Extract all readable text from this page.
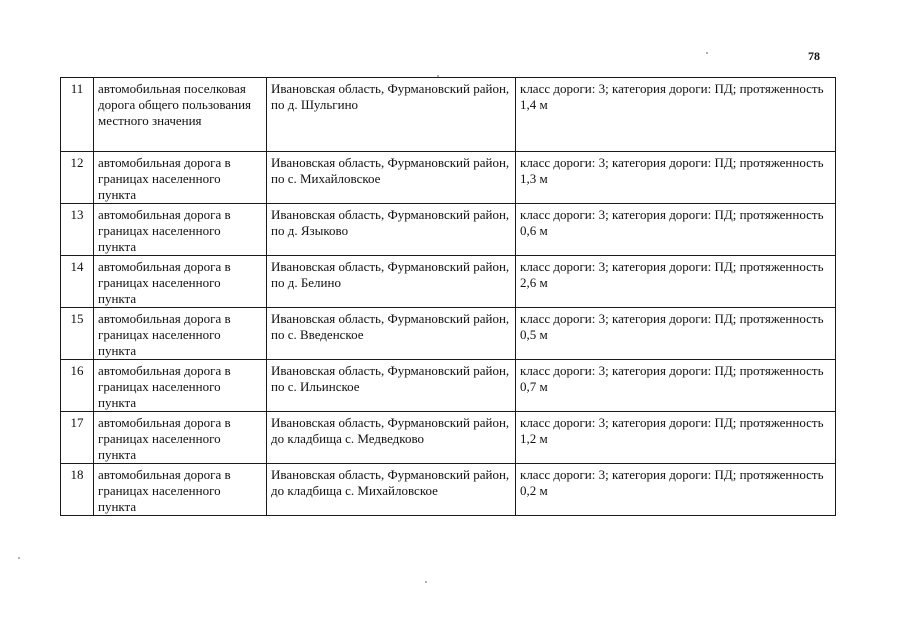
78
11	автомобильная поселковая дорога общего пользования местного значения	Ивановская область, Фурмановский район, по д. Шульгино	класс дороги: 3; категория дороги: ПД; протяженность 1,4 м
12	автомобильная дорога в границах населенного пункта	Ивановская область, Фурмановский район, по с. Михайловское	класс дороги: 3; категория дороги: ПД; протяженность 1,3 м
13	автомобильная дорога в границах населенного пункта	Ивановская область, Фурмановский район, по д. Языково	класс дороги: 3; категория дороги: ПД; протяженность 0,6 м
14	автомобильная дорога в границах населенного пункта	Ивановская область, Фурмановский район, по д. Белино	класс дороги: 3; категория дороги: ПД; протяженность 2,6 м
15	автомобильная дорога в границах населенного пункта	Ивановская область, Фурмановский район, по с. Введенское	класс дороги: 3; категория дороги: ПД; протяженность 0,5 м
16	автомобильная дорога в границах населенного пункта	Ивановская область, Фурмановский район, по с. Ильинское	класс дороги: 3; категория дороги: ПД; протяженность 0,7 м
17	автомобильная дорога в границах населенного пункта	Ивановская область, Фурмановский район, до кладбища с. Медведково	класс дороги: 3; категория дороги: ПД; протяженность 1,2 м
18	автомобильная дорога в границах населенного пункта	Ивановская область, Фурмановский район, до кладбища с. Михайловское	класс дороги: 3; категория дороги: ПД; протяженность 0,2 м
